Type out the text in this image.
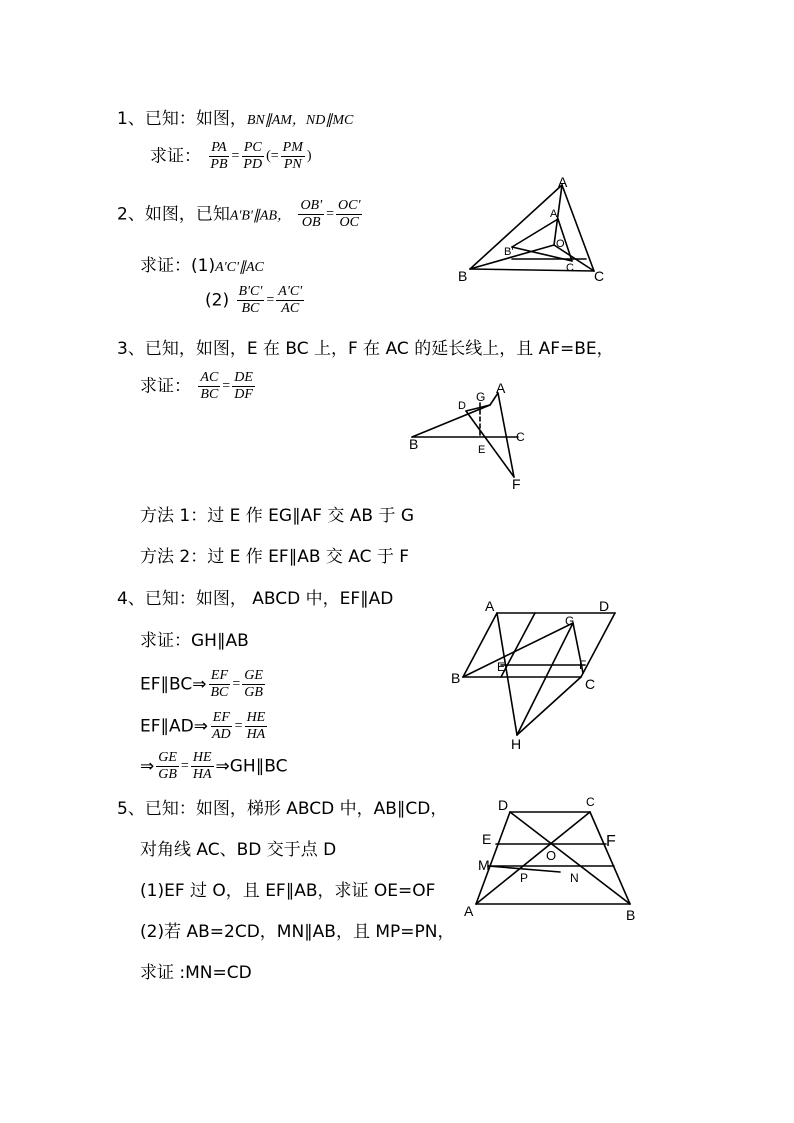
1、已知：如图，BN∥AM，ND∥MC
求证： $\frac{PA}{PB} = \frac{PC}{PD}$ (= $\frac{PM}{PN}$ )
2、如图，已知A'B'∥AB， $\frac{OB'}{OB} = \frac{OC'}{OC}$
求证：(1)A'C'∥AC
$(2) \frac{B'C'}{BC} = \frac{A'C'}{AC}$
A
A'
B
B'
C
C
O
3、已知，如图，E 在 BC 上，F 在 AC 的延长线上，且 AF=BE，
求证： $\frac{AC}{BC} = \frac{DE}{DF}$	A
B	C
D
E
F
G
方法 1：过 E 作 EG∥AF 交 AB 于 G
方法 2：过 E 作 EF∥AB 交 AC 于 F
4、已知：如图， ABCD 中，EF∥AD
求证：GH∥AB
EF∥BC⇒ $\frac{EF}{BC} = \frac{GE}{GB}$
EF∥AD⇒ $\frac{EF}{AD} = \frac{HE}{HA}$
⇒ $\frac{GE}{GB} = \frac{HE}{HA}$ ⇒GH∥BC
A
B	C
D
E	F
G
H
5、已知：如图，梯形 ABCD 中，AB∥CD，
对角线 AC、BD 交于点 D
(1)EF 过 O，且 EF∥AB，求证 OE=OF
(2)若 AB=2CD，MN∥AB，且 MP=PN，
求证 :MN=CD
D	C
E	F
M
O
P	N
A	B
